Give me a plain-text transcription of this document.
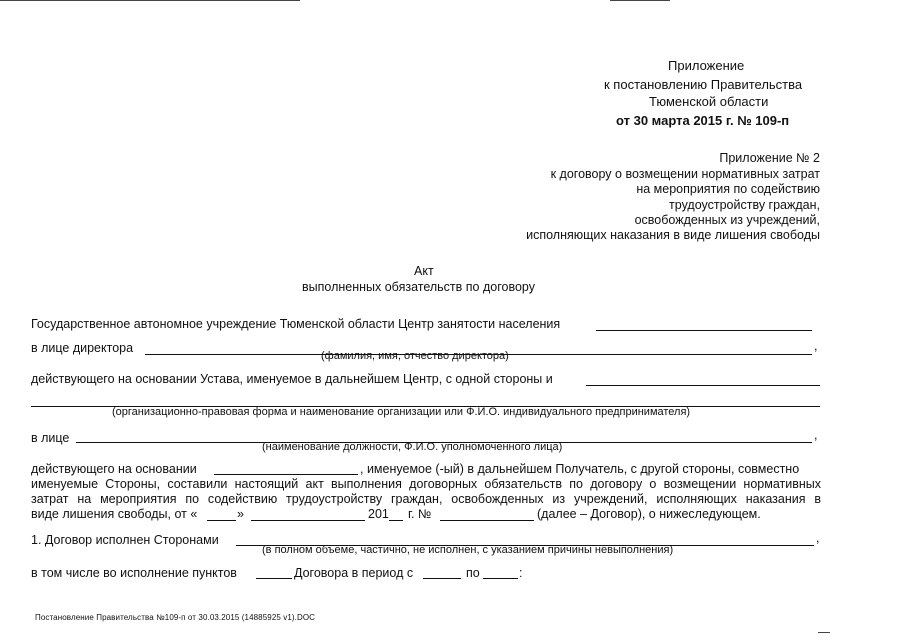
Приложение
к постановлению Правительства
Тюменской области
от 30 марта 2015 г. № 109-п
Приложение № 2
к договору о возмещении нормативных затрат
на мероприятия по содействию
трудоустройству граждан,
освобожденных из учреждений,
исполняющих наказания в виде лишения свободы
Акт
выполненных обязательств по договору
Государственное автономное учреждение Тюменской области Центр занятости населения
в лице директора	,
(фамилия, имя, отчество директора)
действующего на основании Устава, именуемое в дальнейшем Центр, с одной стороны и
(организационно-правовая форма и наименование организации или Ф.И.О. индивидуального предпринимателя)
в лице	,
(наименование должности, Ф.И.О. уполномоченного лица)
действующего на основании	, именуемое (-ый) в дальнейшем Получатель, с другой стороны, совместно
именуемые Стороны, составили настоящий акт выполнения договорных обязательств по договору о возмещении нормативных
затрат на мероприятия по содействию трудоустройству граждан, освобожденных из учреждений, исполняющих наказания в
виде лишения свободы, от «	»	201 г. №	(далее – Договор), о нижеследующем.
1. Договор исполнен Сторонами	,
(в полном объеме, частично, не исполнен, с указанием причины невыполнения)
в том числе во исполнение пунктов	Договора в период с	по	:
Постановление Правительства №109-п от 30.03.2015 (14885925 v1).DOC
